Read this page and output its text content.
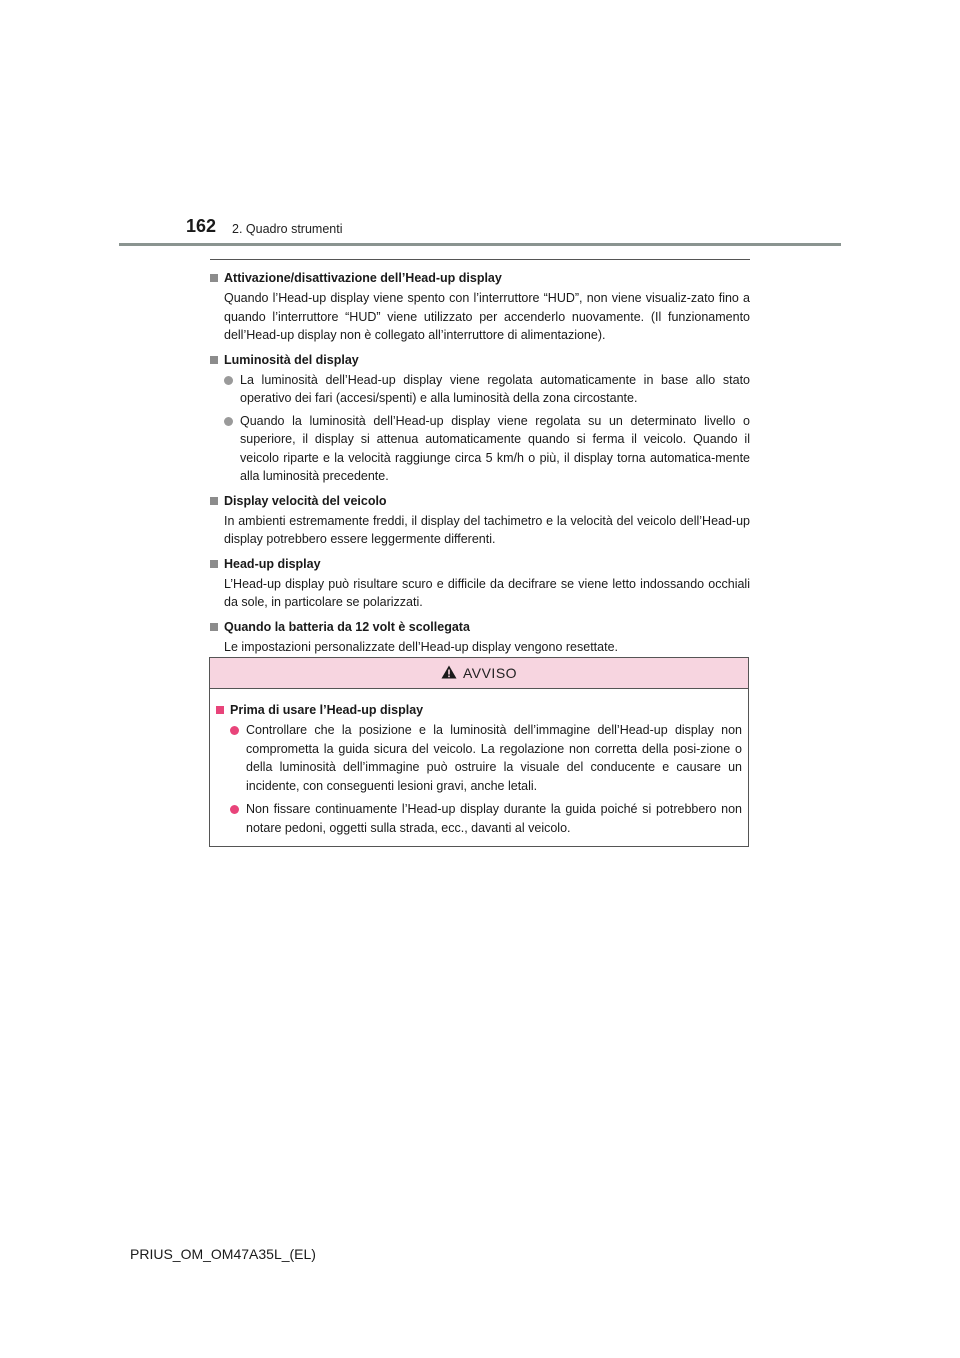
162 2. Quadro strumenti
Attivazione/disattivazione dell’Head-up display
Quando l’Head-up display viene spento con l’interruttore “HUD”, non viene visualiz-zato fino a quando l’interruttore “HUD” viene utilizzato per accenderlo nuovamente. (Il funzionamento dell’Head-up display non è collegato all’interruttore di alimentazione).
Luminosità del display
La luminosità dell’Head-up display viene regolata automaticamente in base allo stato operativo dei fari (accesi/spenti) e alla luminosità della zona circostante.
Quando la luminosità dell’Head-up display viene regolata su un determinato livello o superiore, il display si attenua automaticamente quando si ferma il veicolo. Quando il veicolo riparte e la velocità raggiunge circa 5 km/h o più, il display torna automatica-mente alla luminosità precedente.
Display velocità del veicolo
In ambienti estremamente freddi, il display del tachimetro e la velocità del veicolo dell’Head-up display potrebbero essere leggermente differenti.
Head-up display
L’Head-up display può risultare scuro e difficile da decifrare se viene letto indossando occhiali da sole, in particolare se polarizzati.
Quando la batteria da 12 volt è scollegata
Le impostazioni personalizzate dell’Head-up display vengono resettate.
AVVISO
Prima di usare l’Head-up display
Controllare che la posizione e la luminosità dell’immagine dell’Head-up display non comprometta la guida sicura del veicolo. La regolazione non corretta della posi-zione o della luminosità dell’immagine può ostruire la visuale del conducente e causare un incidente, con conseguenti lesioni gravi, anche letali.
Non fissare continuamente l’Head-up display durante la guida poiché si potrebbero non notare pedoni, oggetti sulla strada, ecc., davanti al veicolo.
PRIUS_OM_OM47A35L_(EL)
